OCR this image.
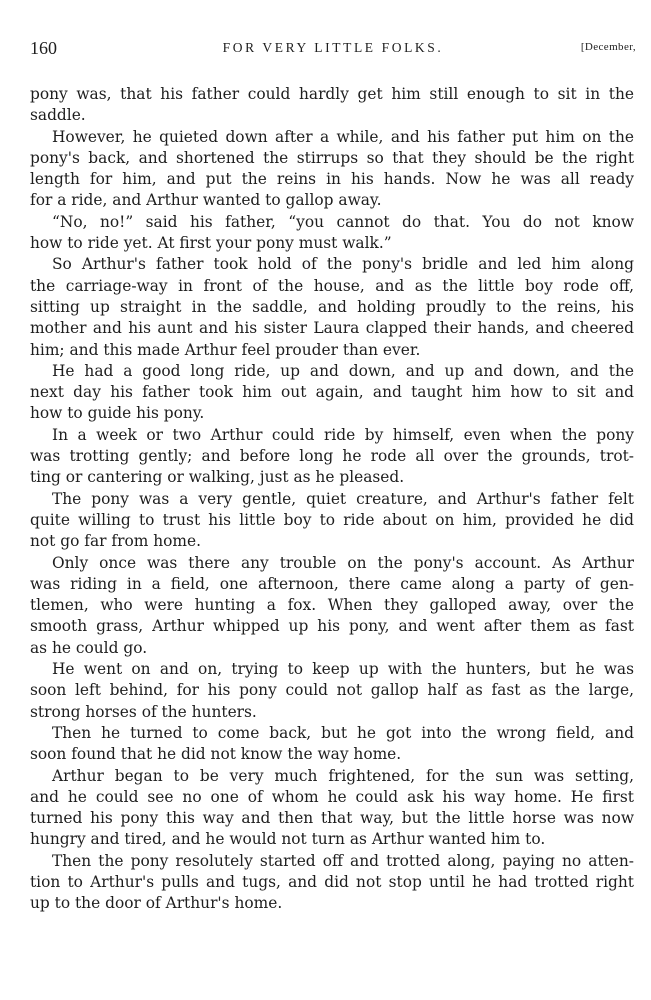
160	FOR VERY LITTLE FOLKS.	[December,
pony was, that his father could hardly get him still enough to sit in the
saddle.
However, he quieted down after a while, and his father put him on the
pony's back, and shortened the stirrups so that they should be the right
length for him, and put the reins in his hands. Now he was all ready
for a ride, and Arthur wanted to gallop away.
“No, no!” said his father, “you cannot do that. You do not know
how to ride yet. At first your pony must walk.”
So Arthur's father took hold of the pony's bridle and led him along
the carriage-way in front of the house, and as the little boy rode off,
sitting up straight in the saddle, and holding proudly to the reins, his
mother and his aunt and his sister Laura clapped their hands, and cheered
him; and this made Arthur feel prouder than ever.
He had a good long ride, up and down, and up and down, and the
next day his father took him out again, and taught him how to sit and
how to guide his pony.
In a week or two Arthur could ride by himself, even when the pony
was trotting gently; and before long he rode all over the grounds, trot-
ting or cantering or walking, just as he pleased.
The pony was a very gentle, quiet creature, and Arthur's father felt
quite willing to trust his little boy to ride about on him, provided he did
not go far from home.
Only once was there any trouble on the pony's account. As Arthur
was riding in a field, one afternoon, there came along a party of gen-
tlemen, who were hunting a fox. When they galloped away, over the
smooth grass, Arthur whipped up his pony, and went after them as fast
as he could go.
He went on and on, trying to keep up with the hunters, but he was
soon left behind, for his pony could not gallop half as fast as the large,
strong horses of the hunters.
Then he turned to come back, but he got into the wrong field, and
soon found that he did not know the way home.
Arthur began to be very much frightened, for the sun was setting,
and he could see no one of whom he could ask his way home. He first
turned his pony this way and then that way, but the little horse was now
hungry and tired, and he would not turn as Arthur wanted him to.
Then the pony resolutely started off and trotted along, paying no atten-
tion to Arthur's pulls and tugs, and did not stop until he had trotted right
up to the door of Arthur's home.
